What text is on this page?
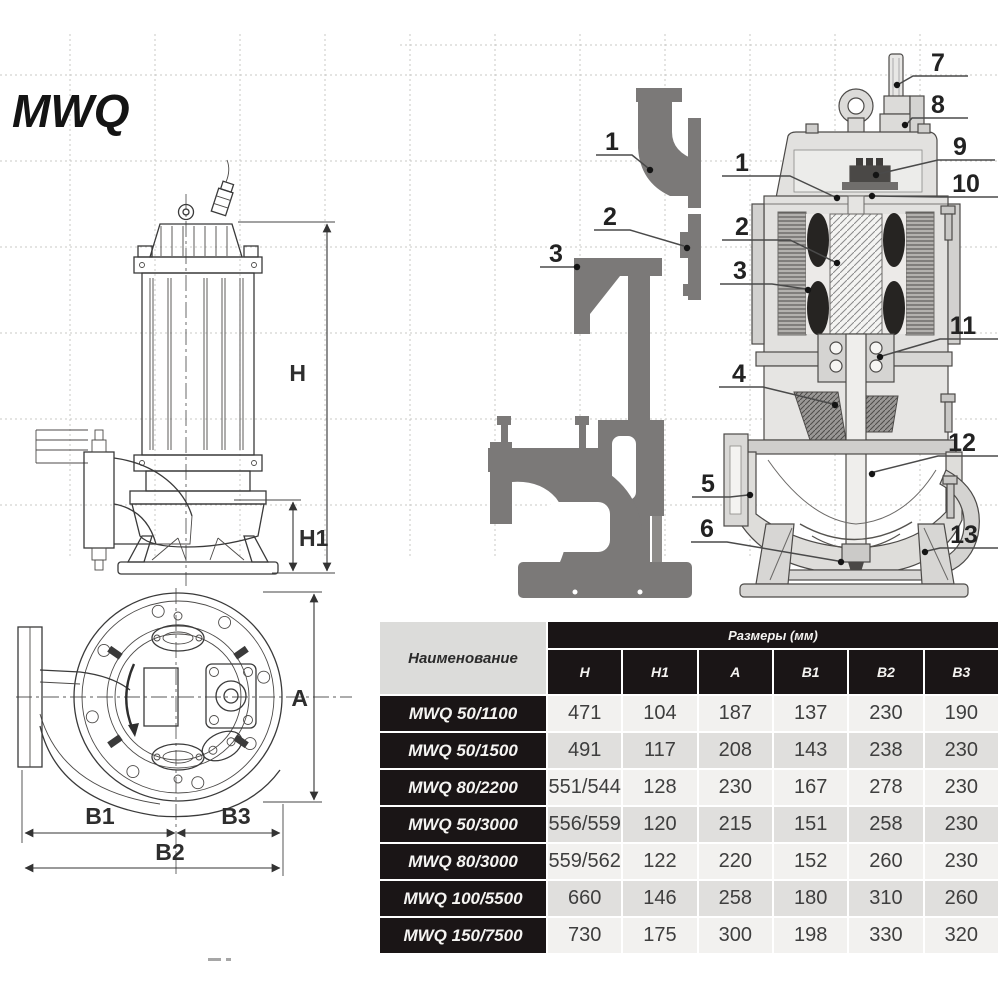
MWQ
H
H1
A
B1	B3
B2
1
2
3
1
2
3
4
5
6
7
8
9
10
11
12
13
Наименование	Размеры (мм)					
	H	H1	A	B1	B2	B3
MWQ 50/1100	471	104	187	137	230	190
MWQ 50/1500	491	117	208	143	238	230
MWQ 80/2200	551/544	128	230	167	278	230
MWQ 50/3000	556/559	120	215	151	258	230
MWQ 80/3000	559/562	122	220	152	260	230
MWQ 100/5500	660	146	258	180	310	260
MWQ 150/7500	730	175	300	198	330	320
